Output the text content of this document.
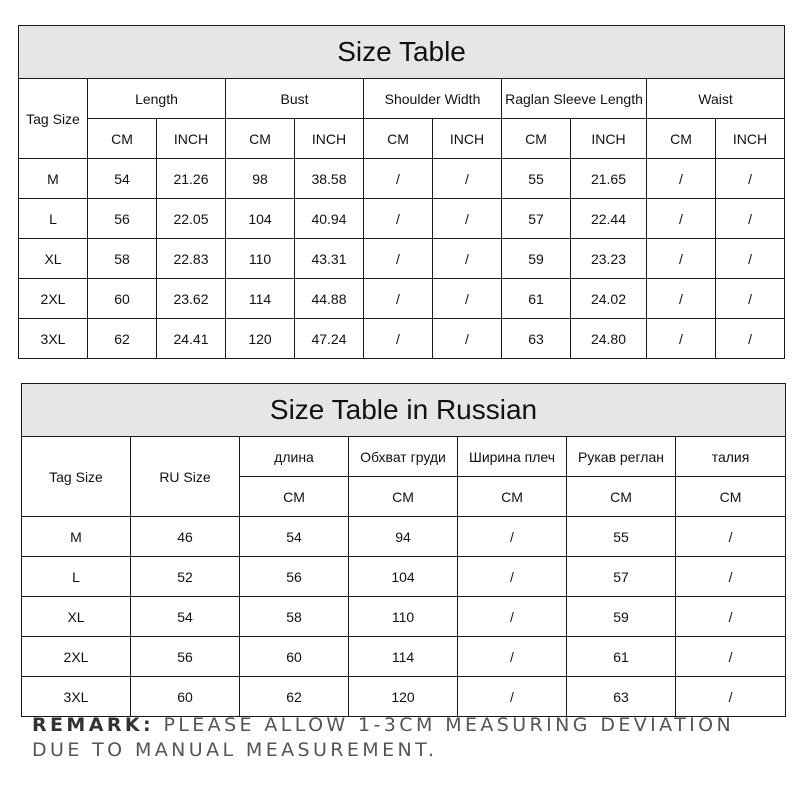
Size Table										
Tag Size	Length		Bust		Shoulder Width		Raglan Sleeve Length		Waist	
	CM	INCH	CM	INCH	CM	INCH	CM	INCH	CM	INCH
M	54	21.26	98	38.58	/	/	55	21.65	/	/
L	56	22.05	104	40.94	/	/	57	22.44	/	/
XL	58	22.83	110	43.31	/	/	59	23.23	/	/
2XL	60	23.62	114	44.88	/	/	61	24.02	/	/
3XL	62	24.41	120	47.24	/	/	63	24.80	/	/
Size Table in Russian						
Tag Size	RU Size	длина	Обхват груди	Ширина плеч	Рукав реглан	талия
		CM	CM	CM	CM	CM
M	46	54	94	/	55	/
L	52	56	104	/	57	/
XL	54	58	110	/	59	/
2XL	56	60	114	/	61	/
3XL	60	62	120	/	63	/
REMARK: PLEASE ALLOW 1-3CM MEASURING DEVIATION DUE TO MANUAL MEASUREMENT.
